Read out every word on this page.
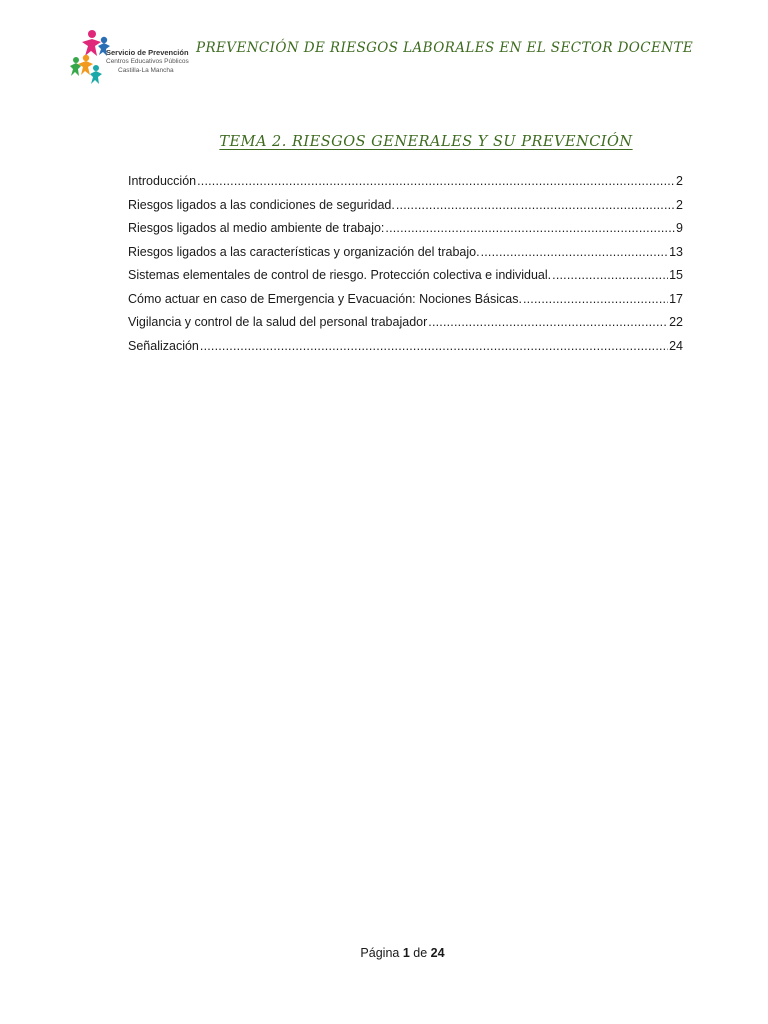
Servicio de Prevención
Centros Educativos Públicos
Castilla-La Mancha
PREVENCIÓN DE RIESGOS LABORALES EN EL SECTOR DOCENTE
TEMA 2. RIESGOS GENERALES Y SU PREVENCIÓN
Introducción .....	2
Riesgos ligados a las condiciones de seguridad. .....	2
Riesgos ligados al medio ambiente de trabajo: .....	9
Riesgos ligados a las características y organización del trabajo. .....	13
Sistemas elementales de control de riesgo. Protección colectiva e individual. .....	15
Cómo actuar en caso de Emergencia y Evacuación: Nociones Básicas. .....	17
Vigilancia y control de la salud del personal trabajador .....	22
Señalización .....	24
Página 1 de 24
